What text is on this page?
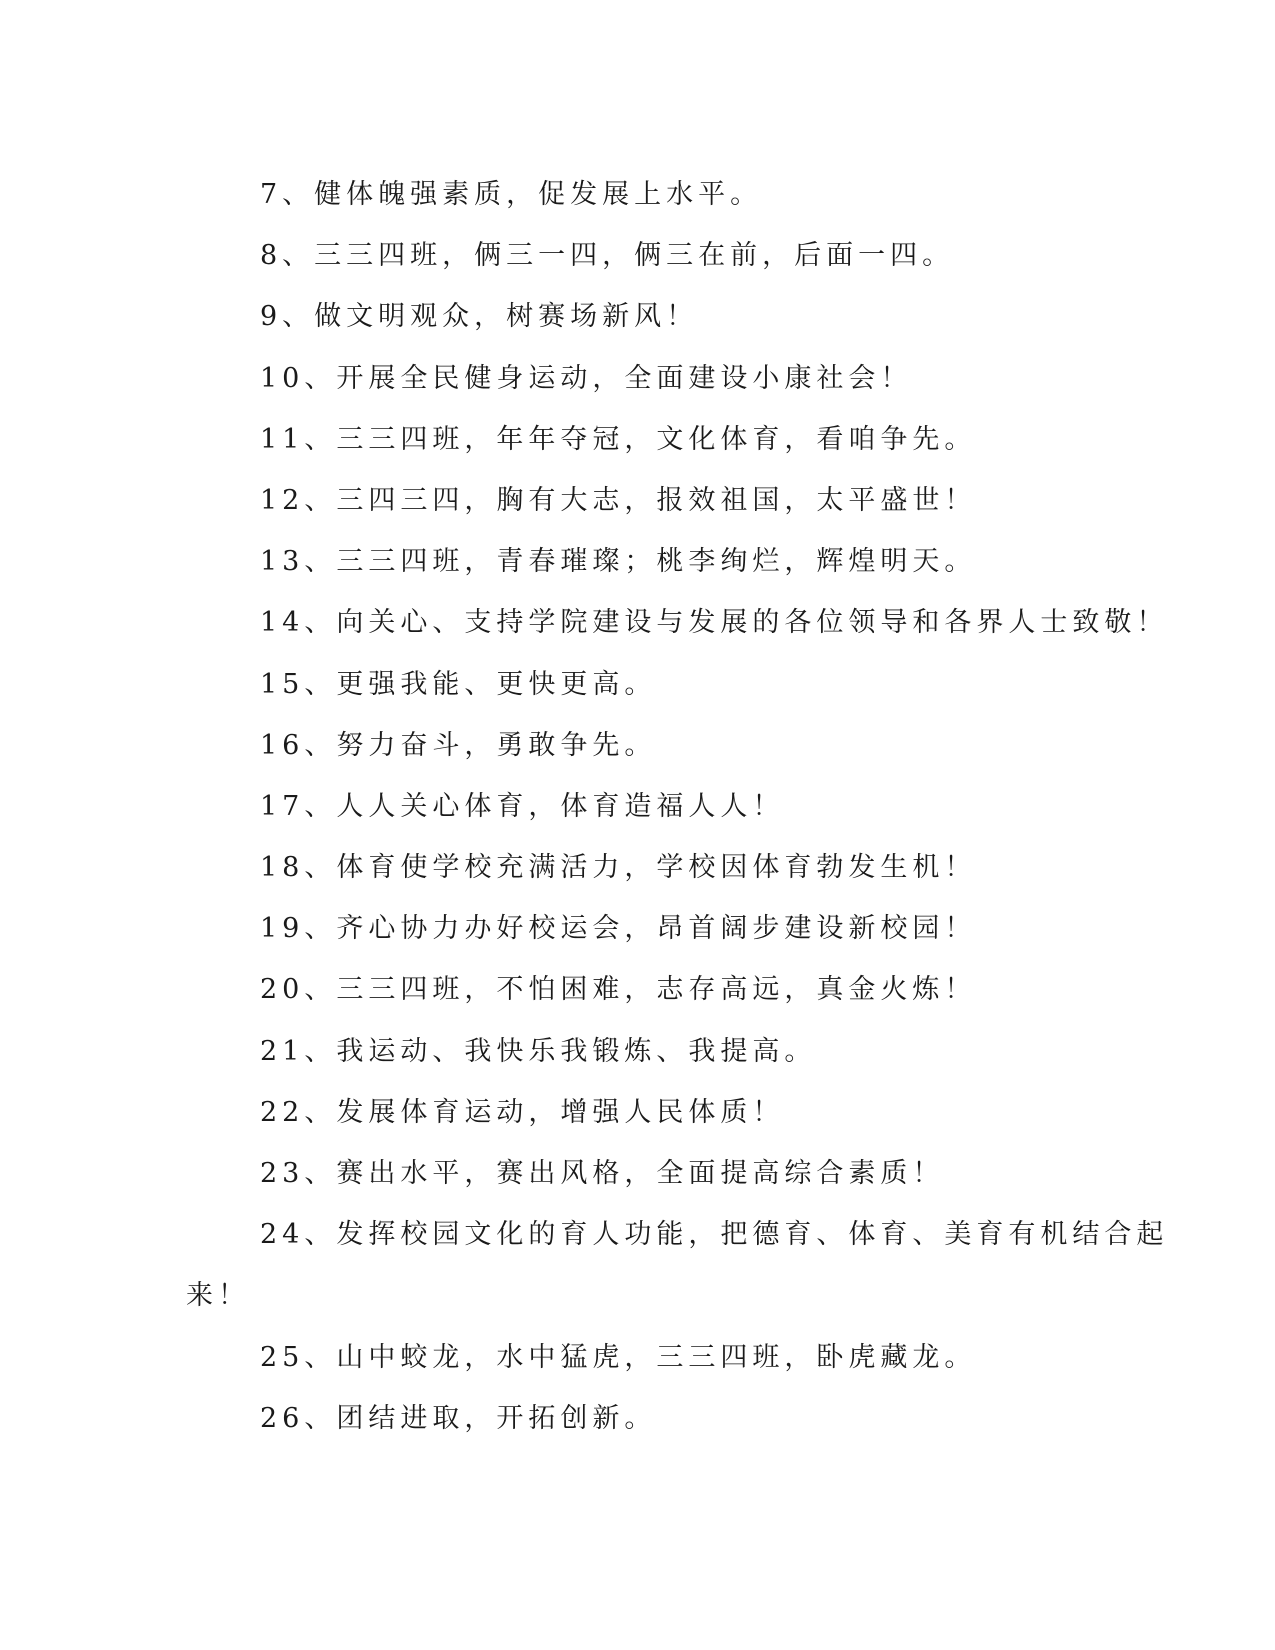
7、健体魄强素质，促发展上水平。

8、三三四班，俩三一四，俩三在前，后面一四。

9、做文明观众，树赛场新风！

10、开展全民健身运动，全面建设小康社会！

11、三三四班，年年夺冠，文化体育，看咱争先。

12、三四三四，胸有大志，报效祖国，太平盛世！

13、三三四班，青春璀璨；桃李绚烂，辉煌明天。

14、向关心、支持学院建设与发展的各位领导和各界人士致敬！

15、更强我能、更快更高。

16、努力奋斗，勇敢争先。

17、人人关心体育，体育造福人人！

18、体育使学校充满活力，学校因体育勃发生机！

19、齐心协力办好校运会，昂首阔步建设新校园！

20、三三四班，不怕困难，志存高远，真金火炼！

21、我运动、我快乐我锻炼、我提高。

22、发展体育运动，增强人民体质！

23、赛出水平，赛出风格，全面提高综合素质！

24、发挥校园文化的育人功能，把德育、体育、美育有机结合起

来！

25、山中蛟龙，水中猛虎，三三四班，卧虎藏龙。

26、团结进取，开拓创新。
